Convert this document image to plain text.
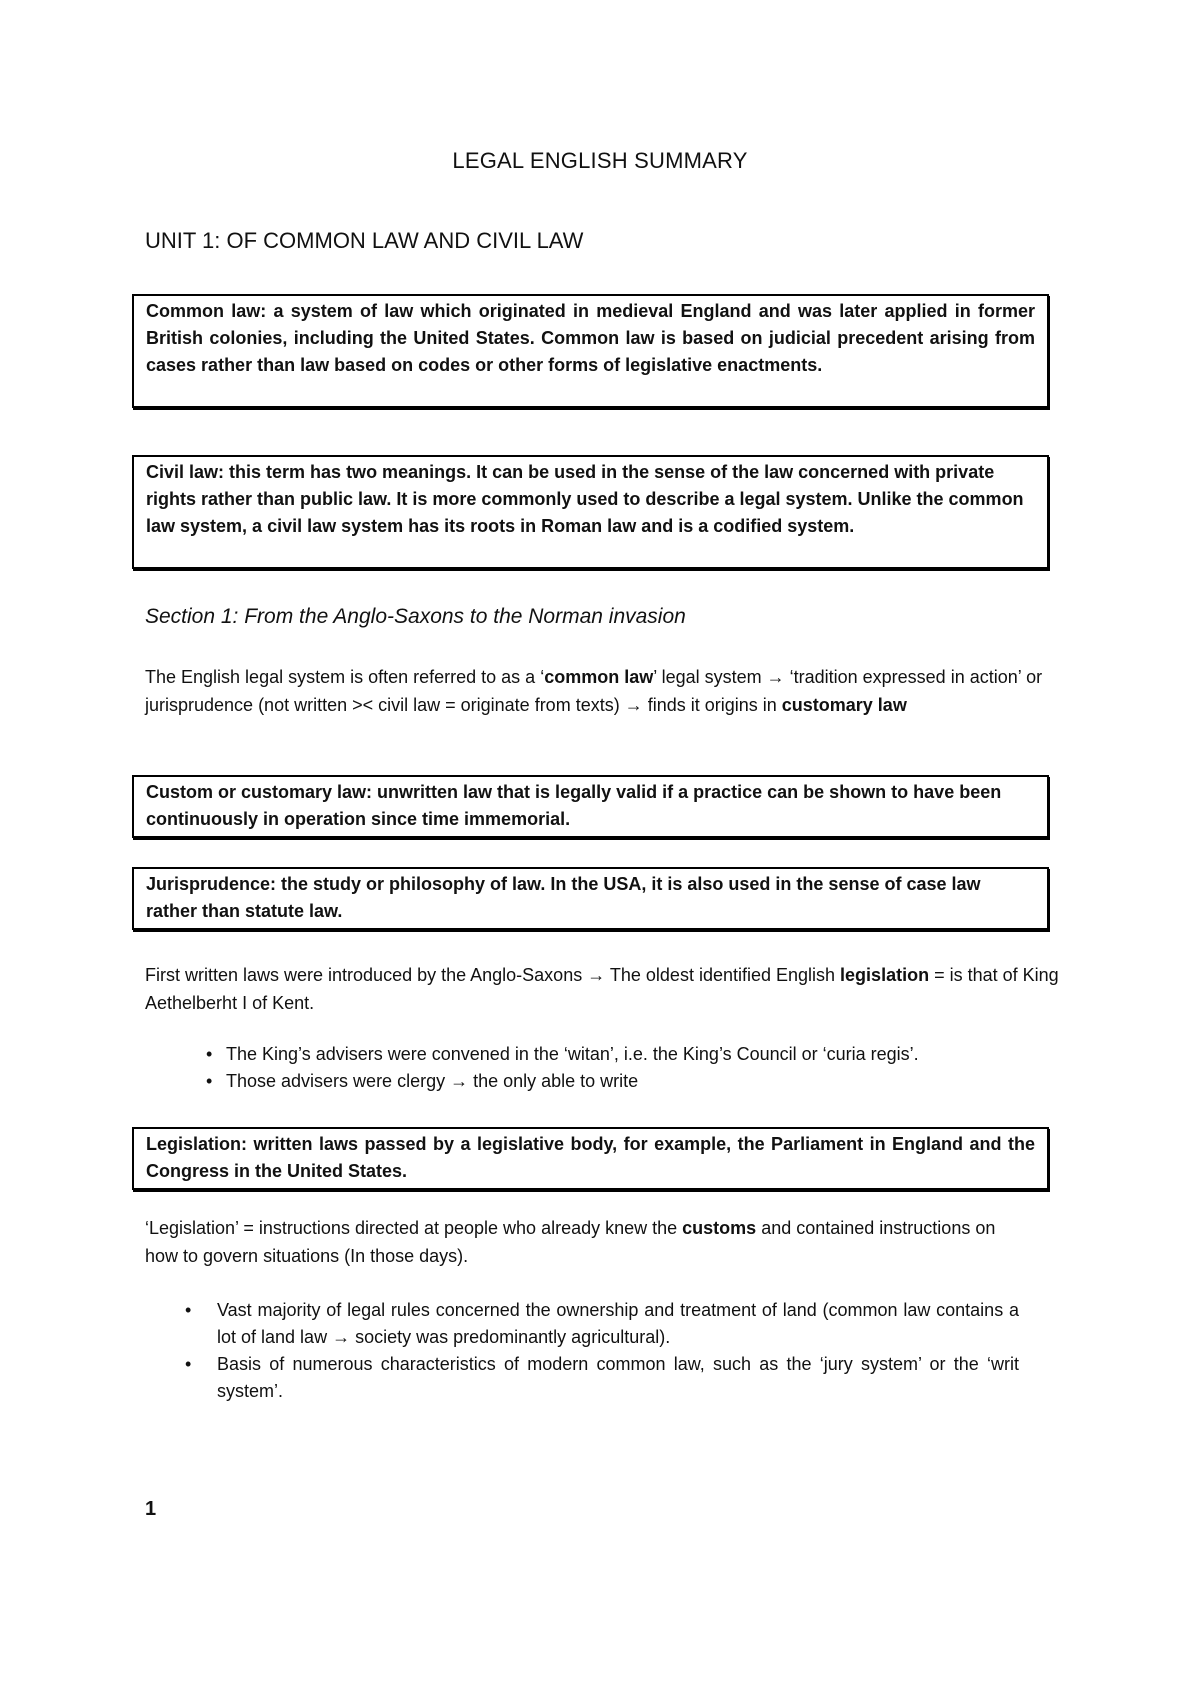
LEGAL ENGLISH SUMMARY
UNIT 1: OF COMMON LAW AND CIVIL LAW
Common law: a system of law which originated in medieval England and was later applied in former British colonies, including the United States. Common law is based on judicial precedent arising from cases rather than law based on codes or other forms of legislative enactments.
Civil law: this term has two meanings. It can be used in the sense of the law concerned with private rights rather than public law. It is more commonly used to describe a legal system. Unlike the common law system, a civil law system has its roots in Roman law and is a codified system.
Section 1: From the Anglo-Saxons to the Norman invasion
The English legal system is often referred to as a ‘common law’ legal system → ‘tradition expressed in action’ or jurisprudence (not written >< civil law = originate from texts) → finds it origins in customary law
Custom or customary law: unwritten law that is legally valid if a practice can be shown to have been continuously in operation since time immemorial.
Jurisprudence: the study or philosophy of law. In the USA, it is also used in the sense of case law rather than statute law.
First written laws were introduced by the Anglo-Saxons → The oldest identified English legislation = is that of King Aethelberht I of Kent.
• The King’s advisers were convened in the ‘witan’, i.e. the King’s Council or ‘curia regis’.
• Those advisers were clergy → the only able to write
Legislation: written laws passed by a legislative body, for example, the Parliament in England and the Congress in the United States.
‘Legislation’ = instructions directed at people who already knew the customs and contained instructions on how to govern situations (In those days).
• Vast majority of legal rules concerned the ownership and treatment of land (common law contains a lot of land law → society was predominantly agricultural).
• Basis of numerous characteristics of modern common law, such as the ‘jury system’ or the ‘writ system’.
1
